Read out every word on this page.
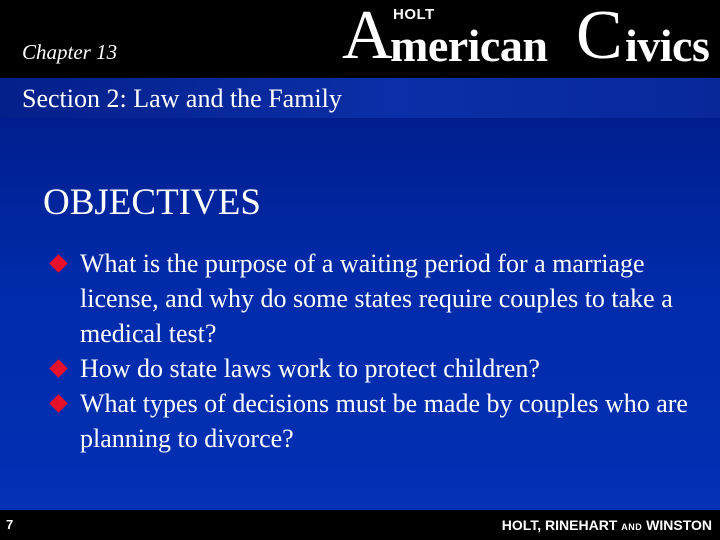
Chapter 13
HOLT
A
merican C ivics
Section 2: Law and the Family
OBJECTIVES
What is the purpose of a waiting period for a marriage license, and why do some states require couples to take a medical test?
How do state laws work to protect children?
What types of decisions must be made by couples who are planning to divorce?
7	HOLT, RINEHART AND WINSTON
